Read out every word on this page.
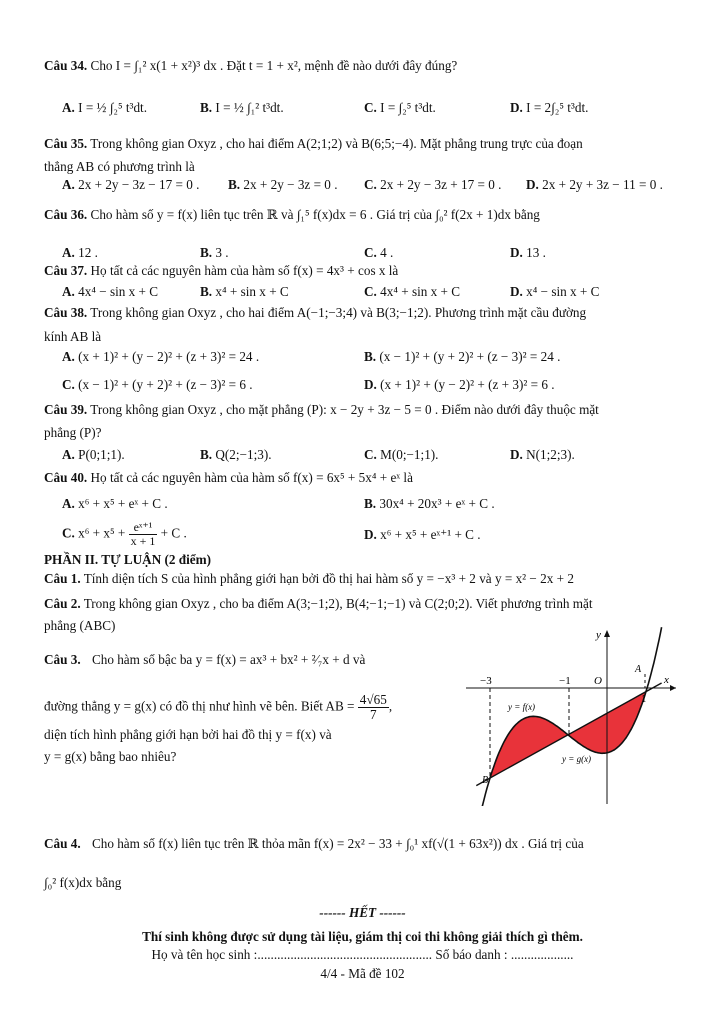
Câu 34. Cho I = ∫₁² x(1 + x²)³ dx . Đặt t = 1 + x², mệnh đề nào dưới đây đúng?
A. I = ½ ∫₂⁵ t³dt.	B. I = ½ ∫₁² t³dt.	C. I = ∫₂⁵ t³dt.	D. I = 2∫₂⁵ t³dt.
Câu 35. Trong không gian Oxyz , cho hai điểm A(2;1;2) và B(6;5;−4). Mặt phẳng trung trực của đoạn
thẳng AB có phương trình là
A. 2x + 2y − 3z − 17 = 0 . B. 2x + 2y − 3z = 0 . C. 2x + 2y − 3z + 17 = 0 . D. 2x + 2y + 3z − 11 = 0 .
Câu 36. Cho hàm số y = f(x) liên tục trên ℝ và ∫₁⁵ f(x)dx = 6 . Giá trị của ∫₀² f(2x + 1)dx bằng
A. 12 .	B. 3 .	C. 4 .	D. 13 .
Câu 37. Họ tất cả các nguyên hàm của hàm số f(x) = 4x³ + cos x là
A. 4x⁴ − sin x + C	B. x⁴ + sin x + C	C. 4x⁴ + sin x + C	D. x⁴ − sin x + C
Câu 38. Trong không gian Oxyz , cho hai điểm A(−1;−3;4) và B(3;−1;2). Phương trình mặt cầu đường
kính AB là
A. (x + 1)² + (y − 2)² + (z + 3)² = 24 .	B. (x − 1)² + (y + 2)² + (z − 3)² = 24 .
C. (x − 1)² + (y + 2)² + (z − 3)² = 6 .	D. (x + 1)² + (y − 2)² + (z + 3)² = 6 .
Câu 39. Trong không gian Oxyz , cho mặt phẳng (P): x − 2y + 3z − 5 = 0 . Điểm nào dưới đây thuộc mặt
phẳng (P)?
A. P(0;1;1).	B. Q(2;−1;3).	C. M(0;−1;1).	D. N(1;2;3).
Câu 40. Họ tất cả các nguyên hàm của hàm số f(x) = 6x⁵ + 5x⁴ + eˣ là
A. x⁶ + x⁵ + eˣ + C .	B. 30x⁴ + 20x³ + eˣ + C .
C. $x^6 + x^5 + \frac{\text{eˣ⁺¹}}{x + 1} + C$ .	D. x⁶ + x⁵ + eˣ⁺¹ + C .
PHẦN II. TỰ LUẬN (2 điểm)
Câu 1. Tính diện tích S của hình phẳng giới hạn bởi đồ thị hai hàm số y = −x³ + 2 và y = x² − 2x + 2
Câu 2. Trong không gian Oxyz , cho ba điểm A(3;−1;2), B(4;−1;−1) và C(2;0;2). Viết phương trình mặt
phẳng (ABC)
Câu 3. Cho hàm số bậc ba y = f(x) = ax³ + bx² + ²⁄₇x + d và
đường thẳng y = g(x) có đồ thị như hình vẽ bên. Biết AB = $\frac{4√65}{7}$ ,
diện tích hình phẳng giới hạn bởi hai đồ thị y = f(x) và
y = g(x) bằng bao nhiêu?
y
x
O
−3	−1
1
A
B
y = f(x)
y = g(x)
Câu 4. Cho hàm số f(x) liên tục trên ℝ thỏa mãn f(x) = 2x² − 33 + ∫₀¹ xf(√(1 + 63x²)) dx . Giá trị của
∫₀² f(x)dx bằng
------ HẾT ------
Thí sinh không được sử dụng tài liệu, giám thị coi thi không giải thích gì thêm.
Họ và tên học sinh :..................................................... Số báo danh : ...................
4/4 - Mã đề 102
